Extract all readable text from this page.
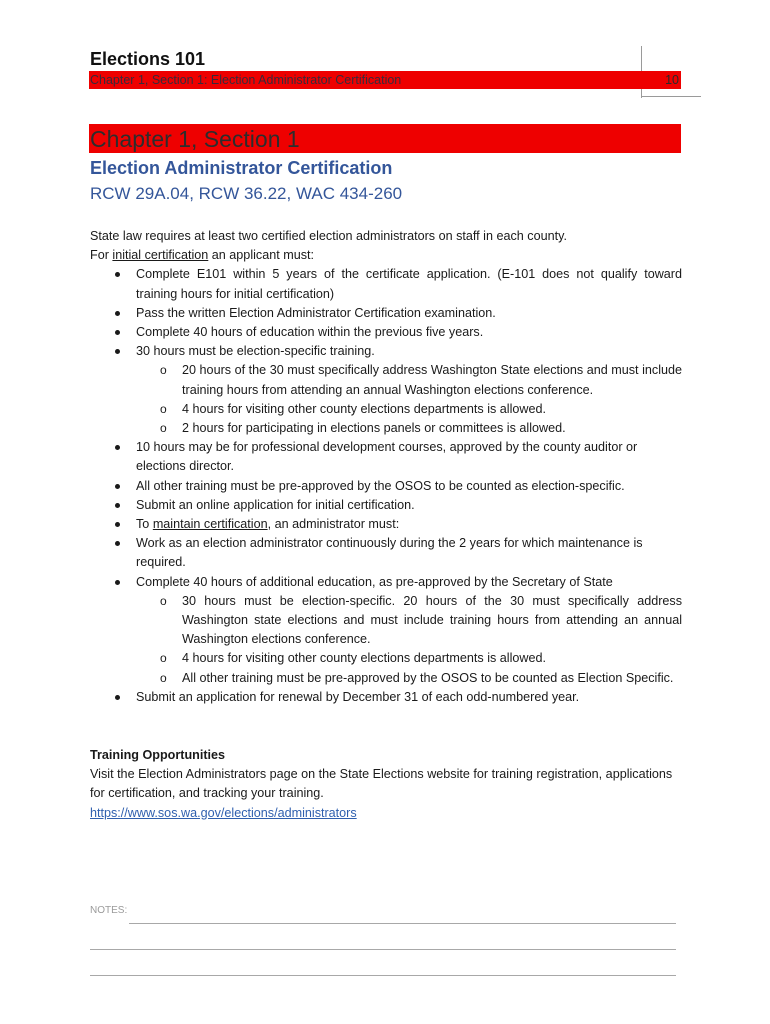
Elections 101
Chapter 1, Section 1: Election Administrator Certification	10
Chapter 1, Section 1
Election Administrator Certification
RCW 29A.04, RCW 36.22, WAC 434-260

State law requires at least two certified election administrators on staff in each county.

For initial certification an applicant must:

Complete E101 within 5 years of the certificate application. (E-101 does not qualify toward training hours for initial certification)
Pass the written Election Administrator Certification examination.
Complete 40 hours of education within the previous five years.
30 hours must be election-specific training.
o 20 hours of the 30 must specifically address Washington State elections and must include training hours from attending an annual Washington elections conference.
o 4 hours for visiting other county elections departments is allowed.
o 2 hours for participating in elections panels or committees is allowed.
10 hours may be for professional development courses, approved by the county auditor or elections director.
All other training must be pre-approved by the OSOS to be counted as election-specific.
Submit an online application for initial certification.
To maintain certification, an administrator must:
Work as an election administrator continuously during the 2 years for which maintenance is required.
Complete 40 hours of additional education, as pre-approved by the Secretary of State
o 30 hours must be election-specific. 20 hours of the 30 must specifically address Washington state elections and must include training hours from attending an annual Washington elections conference.
o 4 hours for visiting other county elections departments is allowed.
o All other training must be pre-approved by the OSOS to be counted as Election Specific.
Submit an application for renewal by December 31 of each odd-numbered year.
Training Opportunities
Visit the Election Administrators page on the State Elections website for training registration, applications for certification, and tracking your training.
https://www.sos.wa.gov/elections/administrators
NOTES:
